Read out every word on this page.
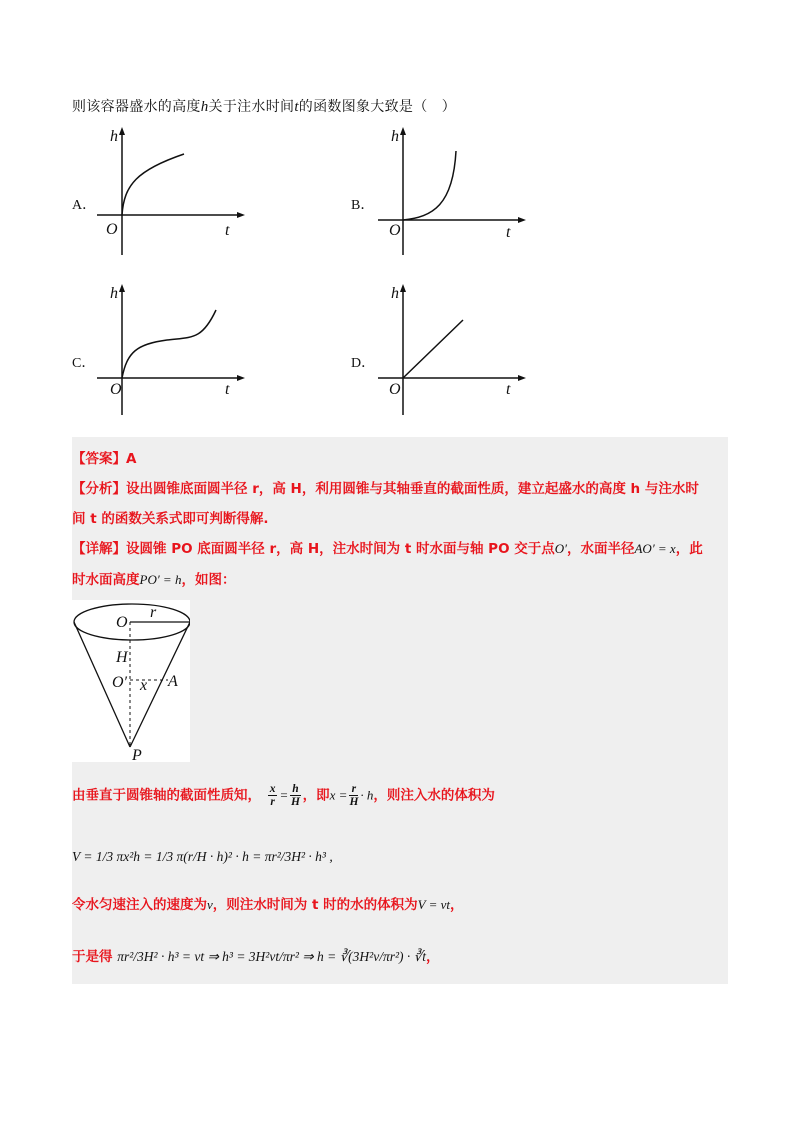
则该容器盛水的高度h关于注水时间t的函数图象大致是（　）
A．
h
O	t
B．
h
O	t
C．
h
O	t
D．
h
O	t
【答案】A
【分析】设出圆锥底面圆半径 r，高 H，利用圆锥与其轴垂直的截面性质，建立起盛水的高度 h 与注水时
间 t 的函数关系式即可判断得解.
【详解】设圆锥 PO 底面圆半径 r，高 H，注水时间为 t 时水面与轴 PO 交于点O′，水面半径AO′ = x，此
时水面高度PO′ = h，如图：
O
r
H
O′ x A
P
由垂直于圆锥轴的截面性质知， $\frac{x}{r} = \frac{h}{H}$ ，即$x = \frac{r}{H} \cdot h$，则注入水的体积为
V = 1/3 πx²h = 1/3 π(r/H · h)² · h = πr²/3H² · h³ ,
令水匀速注入的速度为v，则注水时间为 t 时的水的体积为V = vt，
于是得 πr²/3H² · h³ = vt ⇒ h³ = 3H²vt/πr² ⇒ h = ∛(3H²v/πr²) · ∛t，
